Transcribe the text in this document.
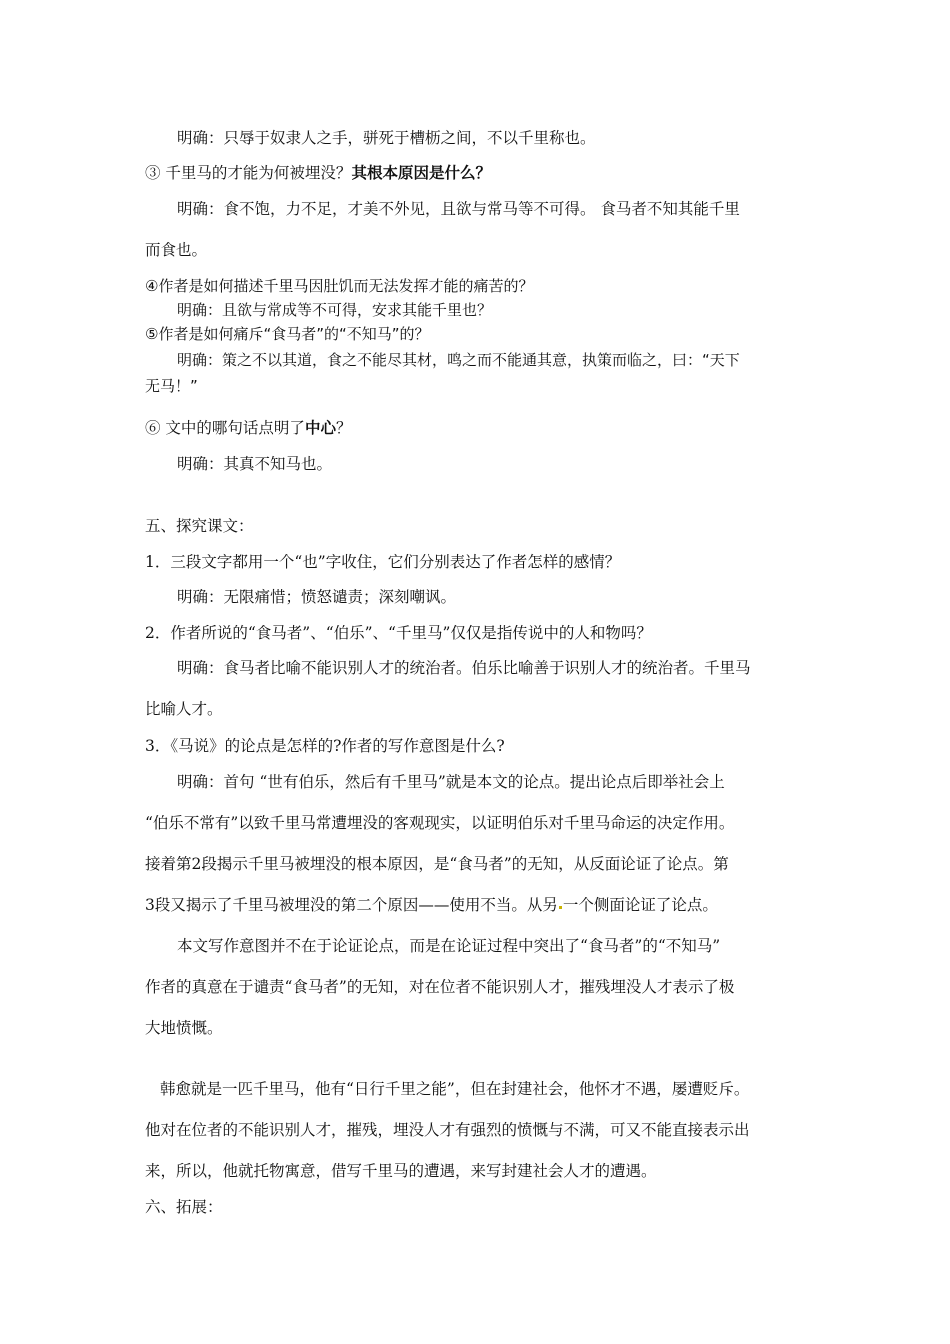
明确：只辱于奴隶人之手，骈死于槽枥之间，不以千里称也。
③ 千里马的才能为何被埋没？其根本原因是什么？
明确：食不饱，力不足，才美不外见，且欲与常马等不可得。 食马者不知其能千里
而食也。
④作者是如何描述千里马因肚饥而无法发挥才能的痛苦的？
明确：且欲与常成等不可得，安求其能千里也？
⑤作者是如何痛斥“食马者”的“不知马”的？
明确：策之不以其道，食之不能尽其材，鸣之而不能通其意，执策而临之，曰：“天下
无马！”
⑥ 文中的哪句话点明了中心？
明确：其真不知马也。
五、探究课文：
1．三段文字都用一个“也”字收住，它们分别表达了作者怎样的感情？
明确：无限痛惜；愤怒谴责；深刻嘲讽。
2．作者所说的“食马者”、“伯乐”、“千里马”仅仅是指传说中的人和物吗？
明确：食马者比喻不能识别人才的统治者。伯乐比喻善于识别人才的统治者。千里马
比喻人才。
3．《马说》的论点是怎样的?作者的写作意图是什么?
明确：首句 “世有伯乐，然后有千里马”就是本文的论点。提出论点后即举社会上
“伯乐不常有”以致千里马常遭埋没的客观现实，以证明伯乐对千里马命运的决定作用。
接着第2段揭示千里马被埋没的根本原因，是“食马者”的无知，从反面论证了论点。第
3段又揭示了千里马被埋没的第二个原因——使用不当。从另 一个侧面论证了论点。
本文写作意图并不在于论证论点，而是在论证过程中突出了“食马者”的“不知马”
作者的真意在于谴责“食马者”的无知，对在位者不能识别人才，摧残埋没人才表示了极
大地愤慨。
韩愈就是一匹千里马，他有“日行千里之能”，但在封建社会，他怀才不遇，屡遭贬斥。
他对在位者的不能识别人才，摧残，埋没人才有强烈的愤慨与不满，可又不能直接表示出
来，所以，他就托物寓意，借写千里马的遭遇，来写封建社会人才的遭遇。
六、拓展：
